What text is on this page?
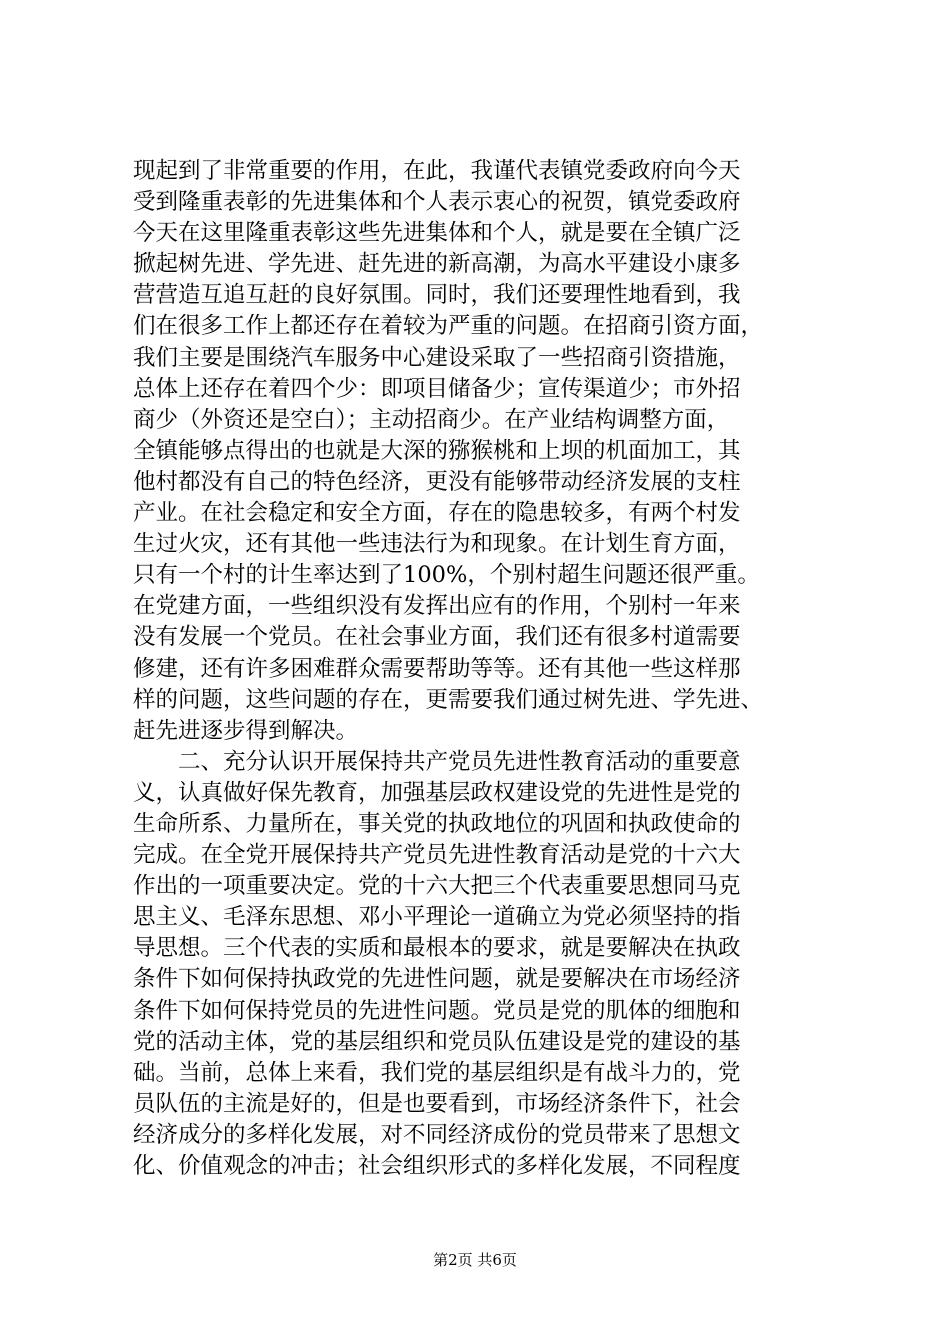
现起到了非常重要的作用，在此，我谨代表镇党委政府向今天
受到隆重表彰的先进集体和个人表示衷心的祝贺，镇党委政府
今天在这里隆重表彰这些先进集体和个人，就是要在全镇广泛
掀起树先进、学先进、赶先进的新高潮，为高水平建设小康多
营营造互追互赶的良好氛围。同时，我们还要理性地看到，我
们在很多工作上都还存在着较为严重的问题。在招商引资方面，
我们主要是围绕汽车服务中心建设采取了一些招商引资措施，
总体上还存在着四个少：即项目储备少；宣传渠道少；市外招
商少（外资还是空白）；主动招商少。在产业结构调整方面，
全镇能够点得出的也就是大深的猕猴桃和上坝的机面加工，其
他村都没有自己的特色经济，更没有能够带动经济发展的支柱
产业。在社会稳定和安全方面，存在的隐患较多，有两个村发
生过火灾，还有其他一些违法行为和现象。在计划生育方面，
只有一个村的计生率达到了100%，个别村超生问题还很严重。
在党建方面，一些组织没有发挥出应有的作用，个别村一年来
没有发展一个党员。在社会事业方面，我们还有很多村道需要
修建，还有许多困难群众需要帮助等等。还有其他一些这样那
样的问题，这些问题的存在，更需要我们通过树先进、学先进、
赶先进逐步得到解决。
　　二、充分认识开展保持共产党员先进性教育活动的重要意
义，认真做好保先教育，加强基层政权建设党的先进性是党的
生命所系、力量所在，事关党的执政地位的巩固和执政使命的
完成。在全党开展保持共产党员先进性教育活动是党的十六大
作出的一项重要决定。党的十六大把三个代表重要思想同马克
思主义、毛泽东思想、邓小平理论一道确立为党必须坚持的指
导思想。三个代表的实质和最根本的要求，就是要解决在执政
条件下如何保持执政党的先进性问题，就是要解决在市场经济
条件下如何保持党员的先进性问题。党员是党的肌体的细胞和
党的活动主体，党的基层组织和党员队伍建设是党的建设的基
础。当前，总体上来看，我们党的基层组织是有战斗力的，党
员队伍的主流是好的，但是也要看到，市场经济条件下，社会
经济成分的多样化发展，对不同经济成份的党员带来了思想文
化、价值观念的冲击；社会组织形式的多样化发展，不同程度
第2页 共6页
